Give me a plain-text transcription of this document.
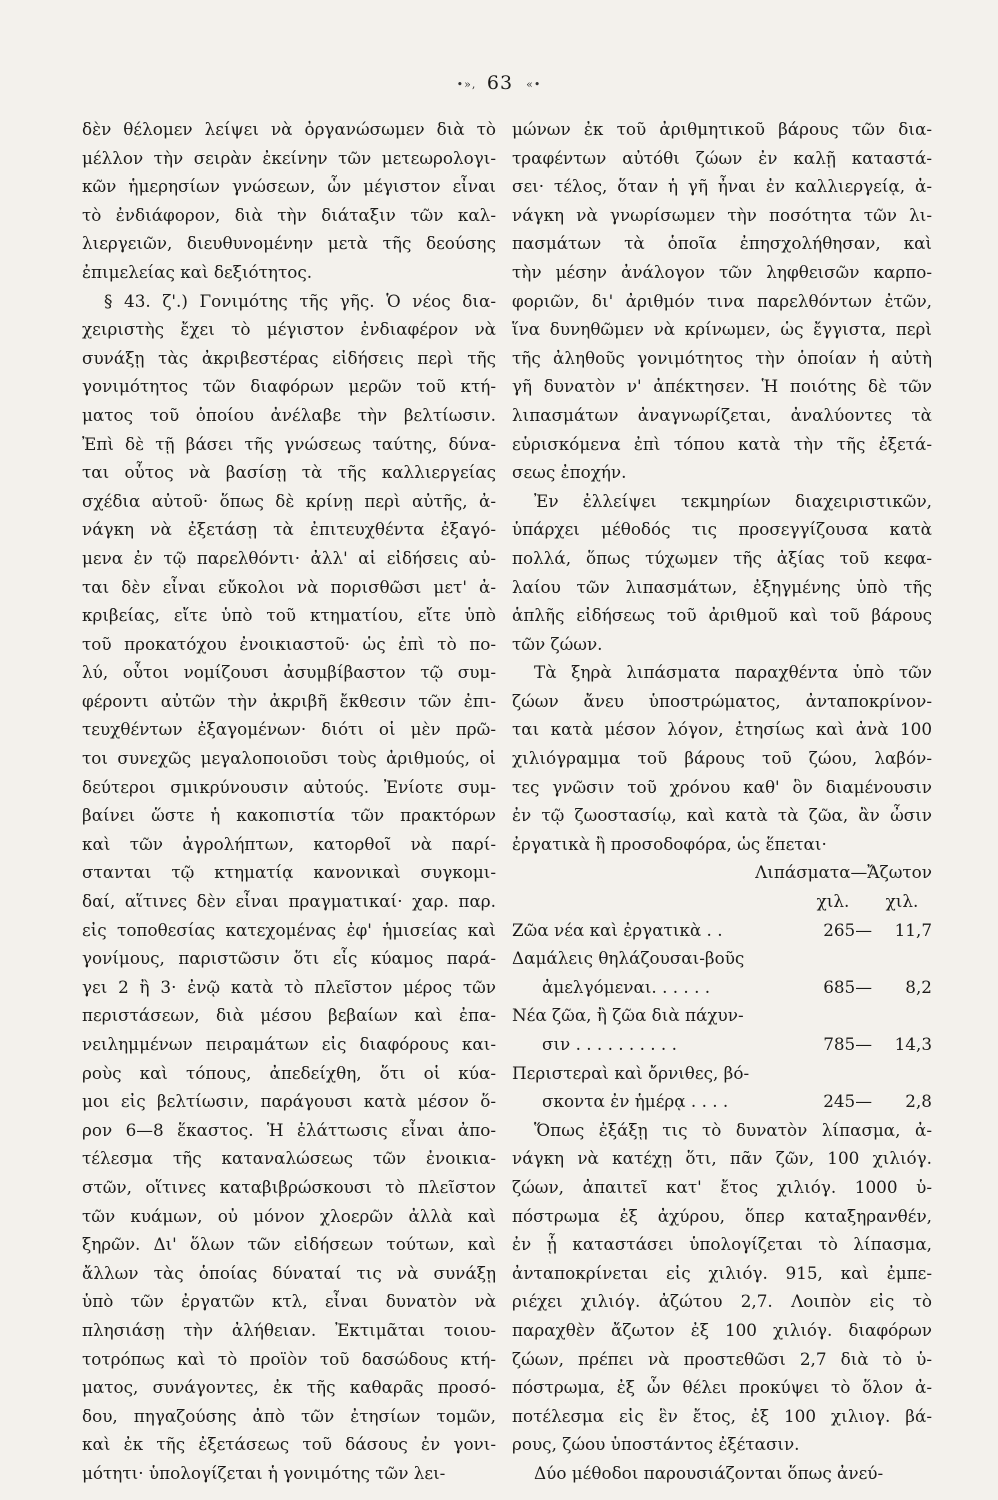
•», 63 «•
δὲν θέλομεν λείψει νὰ ὀργανώσωμεν διὰ τὸ
μέλλον τὴν σειρὰν ἐκείνην τῶν μετεωρολογι-
κῶν ἡμερησίων γνώσεων, ὧν μέγιστον εἶναι
τὸ ἐνδιάφορον, διὰ τὴν διάταξιν τῶν καλ-
λιεργειῶν, διευθυνομένην μετὰ τῆς δεούσης
ἐπιμελείας καὶ δεξιότητος.
§ 43. ζ'.) Γονιμότης τῆς γῆς. Ὁ νέος δια-
χειριστὴς ἔχει τὸ μέγιστον ἐνδιαφέρον νὰ
συνάξῃ τὰς ἀκριβεστέρας εἰδήσεις περὶ τῆς
γονιμότητος τῶν διαφόρων μερῶν τοῦ κτή-
ματος τοῦ ὁποίου ἀνέλαβε τὴν βελτίωσιν.
Ἐπὶ δὲ τῇ βάσει τῆς γνώσεως ταύτης, δύνα-
ται οὗτος νὰ βασίσῃ τὰ τῆς καλλιεργείας
σχέδια αὐτοῦ· ὅπως δὲ κρίνῃ περὶ αὐτῆς, ἀ-
νάγκη νὰ ἐξετάσῃ τὰ ἐπιτευχθέντα ἐξαγό-
μενα ἐν τῷ παρελθόντι· ἀλλ' αἱ εἰδήσεις αὐ-
ται δὲν εἶναι εὔκολοι νὰ πορισθῶσι μετ' ἀ-
κριβείας, εἴτε ὑπὸ τοῦ κτηματίου, εἴτε ὑπὸ
τοῦ προκατόχου ἐνοικιαστοῦ· ὡς ἐπὶ τὸ πο-
λύ, οὗτοι νομίζουσι ἀσυμβίβαστον τῷ συμ-
φέροντι αὐτῶν τὴν ἀκριβῆ ἔκθεσιν τῶν ἐπι-
τευχθέντων ἐξαγομένων· διότι οἱ μὲν πρῶ-
τοι συνεχῶς μεγαλοποιοῦσι τοὺς ἀριθμούς, οἱ
δεύτεροι σμικρύνουσιν αὐτούς. Ἐνίοτε συμ-
βαίνει ὥστε ἡ κακοπιστία τῶν πρακτόρων
καὶ τῶν ἀγρολήπτων, κατορθοῖ νὰ παρί-
στανται τῷ κτηματίᾳ κανονικαὶ συγκομι-
δαί, αἵτινες δὲν εἶναι πραγματικαί· χαρ. παρ.
εἰς τοποθεσίας κατεχομένας ἐφ' ἡμισείας καὶ
γονίμους, παριστῶσιν ὅτι εἷς κύαμος παρά-
γει 2 ἢ 3· ἐνῷ κατὰ τὸ πλεῖστον μέρος τῶν
περιστάσεων, διὰ μέσου βεβαίων καὶ ἐπα-
νειλημμένων πειραμάτων εἰς διαφόρους και-
ροὺς καὶ τόπους, ἀπεδείχθη, ὅτι οἱ κύα-
μοι εἰς βελτίωσιν, παράγουσι κατὰ μέσον ὅ-
ρον 6—8 ἕκαστος. Ἡ ἐλάττωσις εἶναι ἀπο-
τέλεσμα τῆς καταναλώσεως τῶν ἐνοικια-
στῶν, οἵτινες καταβιβρώσκουσι τὸ πλεῖστον
τῶν κυάμων, οὐ μόνον χλοερῶν ἀλλὰ καὶ
ξηρῶν. Δι' ὅλων τῶν εἰδήσεων τούτων, καὶ
ἄλλων τὰς ὁποίας δύναταί τις νὰ συνάξῃ
ὑπὸ τῶν ἐργατῶν κτλ, εἶναι δυνατὸν νὰ
πλησιάσῃ τὴν ἀλήθειαν. Ἐκτιμᾶται τοιου-
τοτρόπως καὶ τὸ προϊὸν τοῦ δασώδους κτή-
ματος, συνάγοντες, ἐκ τῆς καθαρᾶς προσό-
δου, πηγαζούσης ἀπὸ τῶν ἐτησίων τομῶν,
καὶ ἐκ τῆς ἐξετάσεως τοῦ δάσους ἐν γονι-
μότητι· ὑπολογίζεται ἡ γονιμότης τῶν λει-
μώνων ἐκ τοῦ ἀριθμητικοῦ βάρους τῶν δια-
τραφέντων αὐτόθι ζώων ἐν καλῇ καταστά-
σει· τέλος, ὅταν ἡ γῆ ἦναι ἐν καλλιεργείᾳ, ἀ-
νάγκη νὰ γνωρίσωμεν τὴν ποσότητα τῶν λι-
πασμάτων τὰ ὁποῖα ἐπησχολήθησαν, καὶ
τὴν μέσην ἀνάλογον τῶν ληφθεισῶν καρπο-
φοριῶν, δι' ἀριθμόν τινα παρελθόντων ἐτῶν,
ἵνα δυνηθῶμεν νὰ κρίνωμεν, ὡς ἔγγιστα, περὶ
τῆς ἀληθοῦς γονιμότητος τὴν ὁποίαν ἡ αὐτὴ
γῆ δυνατὸν ν' ἀπέκτησεν. Ἡ ποιότης δὲ τῶν
λιπασμάτων ἀναγνωρίζεται, ἀναλύοντες τὰ
εὑρισκόμενα ἐπὶ τόπου κατὰ τὴν τῆς ἐξετά-
σεως ἐποχήν.
Ἐν ἐλλείψει τεκμηρίων διαχειριστικῶν,
ὑπάρχει μέθοδός τις προσεγγίζουσα κατὰ
πολλά, ὅπως τύχωμεν τῆς ἀξίας τοῦ κεφα-
λαίου τῶν λιπασμάτων, ἐξηγμένης ὑπὸ τῆς
ἁπλῆς εἰδήσεως τοῦ ἀριθμοῦ καὶ τοῦ βάρους
τῶν ζώων.
Τὰ ξηρὰ λιπάσματα παραχθέντα ὑπὸ τῶν
ζώων ἄνευ ὑποστρώματος, ἀνταποκρίνον-
ται κατὰ μέσον λόγον, ἐτησίως καὶ ἀνὰ 100
χιλιόγραμμα τοῦ βάρους τοῦ ζώου, λαβόν-
τες γνῶσιν τοῦ χρόνου καθ' ὃν διαμένουσιν
ἐν τῷ ζωοστασίῳ, καὶ κατὰ τὰ ζῶα, ἂν ὦσιν
ἐργατικὰ ἢ προσοδοφόρα, ὡς ἕπεται·
Λιπάσματα—Ἄζωτον
χιλ.	χιλ.
Ζῶα νέα καὶ ἐργατικὰ . .	265 —	11,7
Δαμάλεις θηλάζουσαι-βοῦς
ἀμελγόμεναι. . . . . .	685 —	8,2
Νέα ζῶα, ἢ ζῶα διὰ πάχυν-
σιν . . . . . . . . . .	785 —	14,3
Περιστεραὶ καὶ ὄρνιθες, βό-
σκοντα ἐν ἡμέρᾳ . . . .	245 —	2,8
Ὅπως ἐξάξῃ τις τὸ δυνατὸν λίπασμα, ἀ-
νάγκη νὰ κατέχῃ ὅτι, πᾶν ζῶν, 100 χιλιόγ.
ζώων, ἀπαιτεῖ κατ' ἔτος χιλιόγ. 1000 ὑ-
πόστρωμα ἐξ ἀχύρου, ὅπερ καταξηρανθέν,
ἐν ᾗ καταστάσει ὑπολογίζεται τὸ λίπασμα,
ἀνταποκρίνεται εἰς χιλιόγ. 915, καὶ ἐμπε-
ριέχει χιλιόγ. ἀζώτου 2,7. Λοιπὸν εἰς τὸ
παραχθὲν ἄζωτον ἐξ 100 χιλιόγ. διαφόρων
ζώων, πρέπει νὰ προστεθῶσι 2,7 διὰ τὸ ὑ-
πόστρωμα, ἐξ ὧν θέλει προκύψει τὸ ὅλον ἀ-
ποτέλεσμα εἰς ἓν ἔτος, ἐξ 100 χιλιογ. βά-
ρους, ζώου ὑποστάντος ἐξέτασιν.
Δύο μέθοδοι παρουσιάζονται ὅπως ἀνεύ-
